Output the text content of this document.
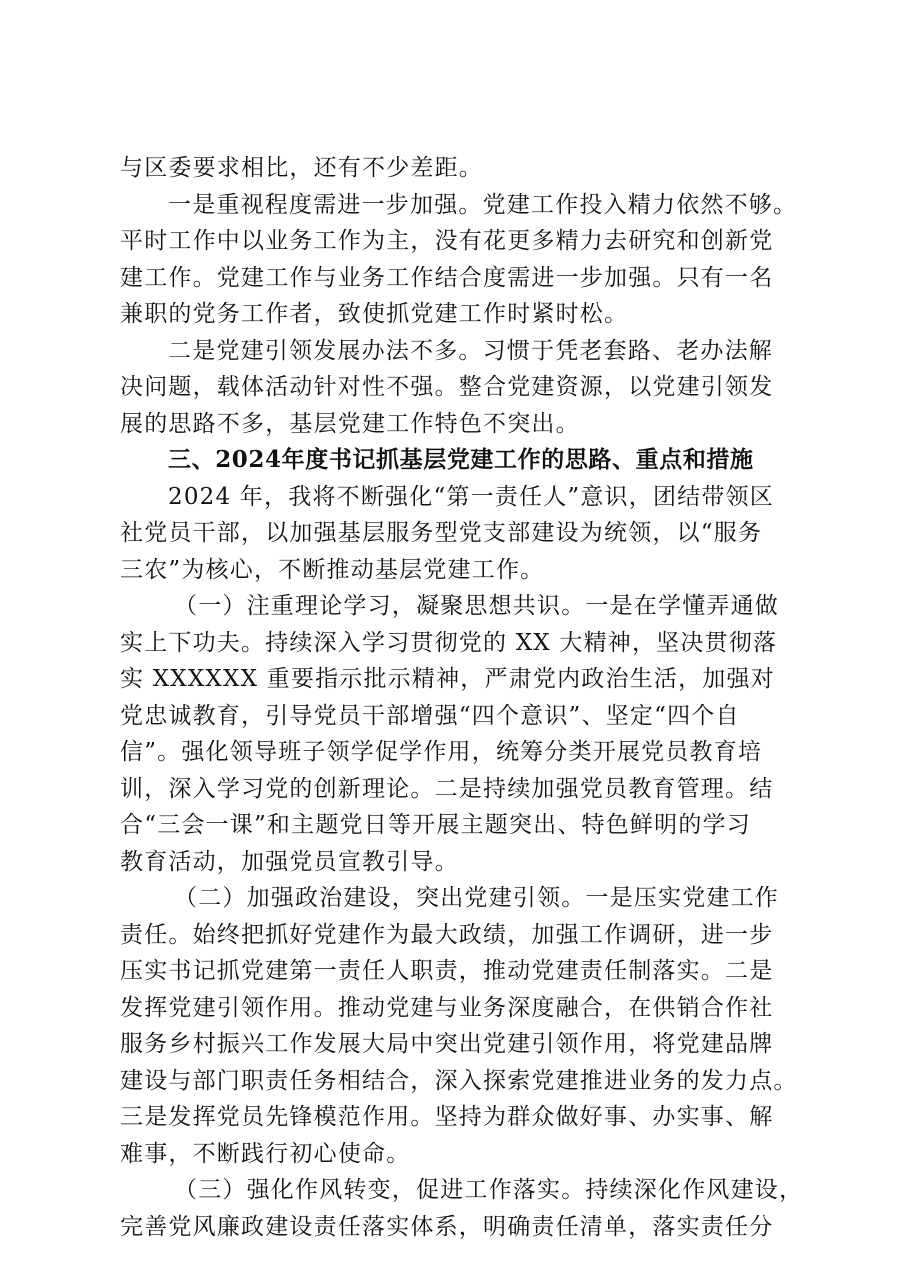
与区委要求相比，还有不少差距。
一是重视程度需进一步加强。党建工作投入精力依然不够。
平时工作中以业务工作为主，没有花更多精力去研究和创新党
建工作。党建工作与业务工作结合度需进一步加强。只有一名
兼职的党务工作者，致使抓党建工作时紧时松。
二是党建引领发展办法不多。习惯于凭老套路、老办法解
决问题，载体活动针对性不强。整合党建资源，以党建引领发
展的思路不多，基层党建工作特色不突出。
三、2024年度书记抓基层党建工作的思路、重点和措施
2024 年，我将不断强化“第一责任人”意识，团结带领区
社党员干部，以加强基层服务型党支部建设为统领，以“服务
三农”为核心，不断推动基层党建工作。
（一）注重理论学习，凝聚思想共识。一是在学懂弄通做
实上下功夫。持续深入学习贯彻党的 XX 大精神，坚决贯彻落
实 XXXXXX 重要指示批示精神，严肃党内政治生活，加强对
党忠诚教育，引导党员干部增强“四个意识”、坚定“四个自
信”。强化领导班子领学促学作用，统筹分类开展党员教育培
训，深入学习党的创新理论。二是持续加强党员教育管理。结
合“三会一课”和主题党日等开展主题突出、特色鲜明的学习
教育活动，加强党员宣教引导。
（二）加强政治建设，突出党建引领。一是压实党建工作
责任。始终把抓好党建作为最大政绩，加强工作调研，进一步
压实书记抓党建第一责任人职责，推动党建责任制落实。二是
发挥党建引领作用。推动党建与业务深度融合，在供销合作社
服务乡村振兴工作发展大局中突出党建引领作用，将党建品牌
建设与部门职责任务相结合，深入探索党建推进业务的发力点。
三是发挥党员先锋模范作用。坚持为群众做好事、办实事、解
难事，不断践行初心使命。
（三）强化作风转变，促进工作落实。持续深化作风建设，
完善党风廉政建设责任落实体系，明确责任清单，落实责任分
